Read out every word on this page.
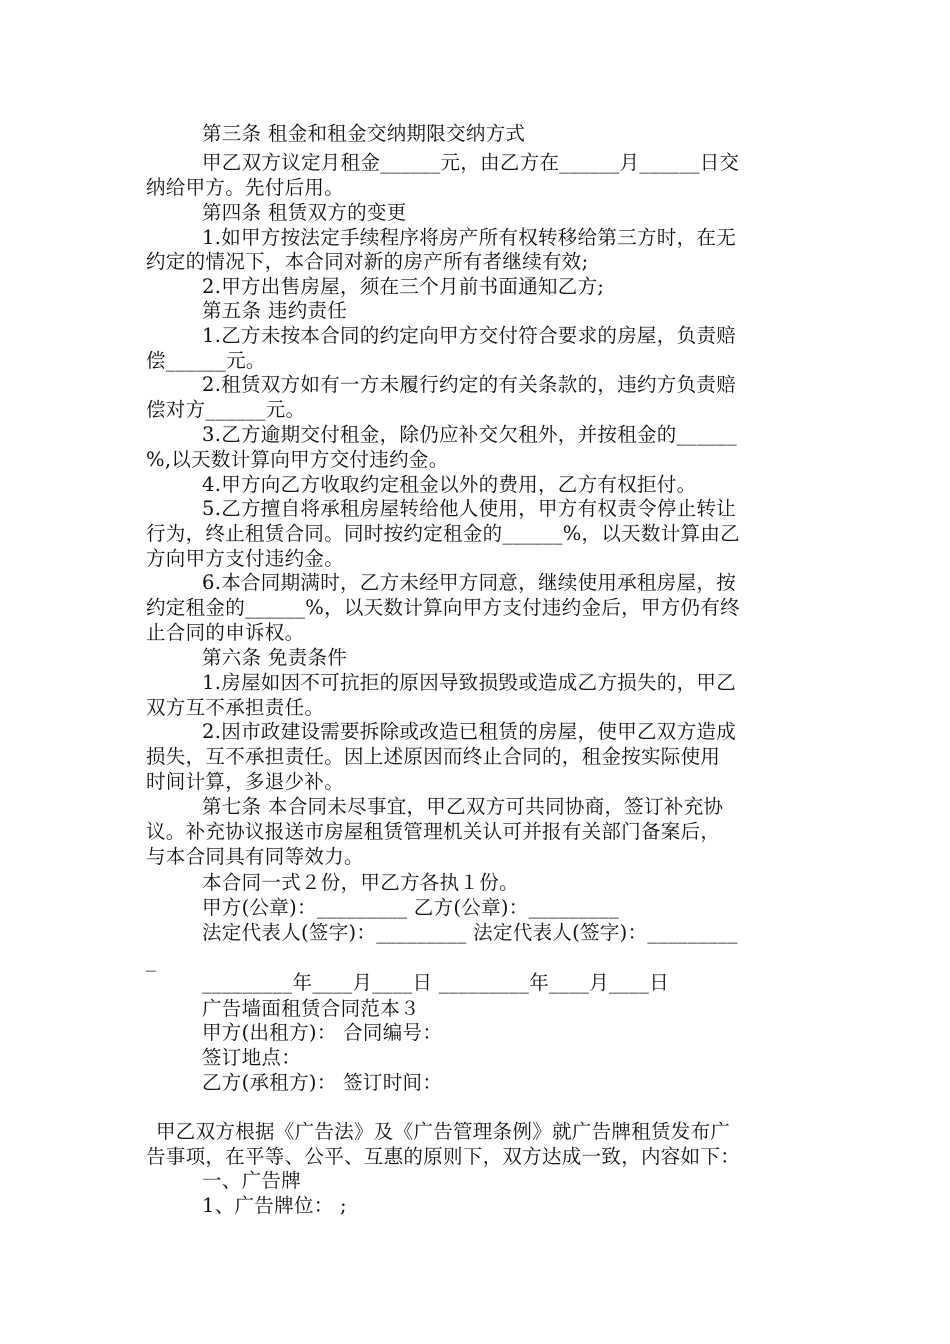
第三条 租金和租金交纳期限交纳方式
甲乙双方议定月租金______元，由乙方在______月______日交
纳给甲方。先付后用。
第四条 租赁双方的变更
1.如甲方按法定手续程序将房产所有权转移给第三方时，在无
约定的情况下，本合同对新的房产所有者继续有效;
2.甲方出售房屋，须在三个月前书面通知乙方;
第五条 违约责任
1.乙方未按本合同的约定向甲方交付符合要求的房屋，负责赔
偿______元。
2.租赁双方如有一方未履行约定的有关条款的，违约方负责赔
偿对方______元。
3.乙方逾期交付租金，除仍应补交欠租外，并按租金的______
%,以天数计算向甲方交付违约金。
4.甲方向乙方收取约定租金以外的费用，乙方有权拒付。
5.乙方擅自将承租房屋转给他人使用，甲方有权责令停止转让
行为，终止租赁合同。同时按约定租金的______%，以天数计算由乙
方向甲方支付违约金。
6.本合同期满时，乙方未经甲方同意，继续使用承租房屋，按
约定租金的______%，以天数计算向甲方支付违约金后，甲方仍有终
止合同的申诉权。
第六条 免责条件
1.房屋如因不可抗拒的原因导致损毁或造成乙方损失的，甲乙
双方互不承担责任。
2.因市政建设需要拆除或改造已租赁的房屋，使甲乙双方造成
损失，互不承担责任。因上述原因而终止合同的，租金按实际使用
时间计算，多退少补。
第七条 本合同未尽事宜，甲乙双方可共同协商，签订补充协
议。补充协议报送市房屋租赁管理机关认可并报有关部门备案后，
与本合同具有同等效力。
本合同一式２份，甲乙方各执１份。
甲方(公章)：_________ 乙方(公章)：_________
法定代表人(签字)：_________ 法定代表人(签字)：_________
_
_________年____月____日 _________年____月____日
广告墙面租赁合同范本３
甲方(出租方)： 合同编号：
签订地点：
乙方(承租方)： 签订时间：
甲乙双方根据《广告法》及《广告管理条例》就广告牌租赁发布广
告事项，在平等、公平、互惠的原则下，双方达成一致，内容如下：
一、广告牌
1、广告牌位： ;
